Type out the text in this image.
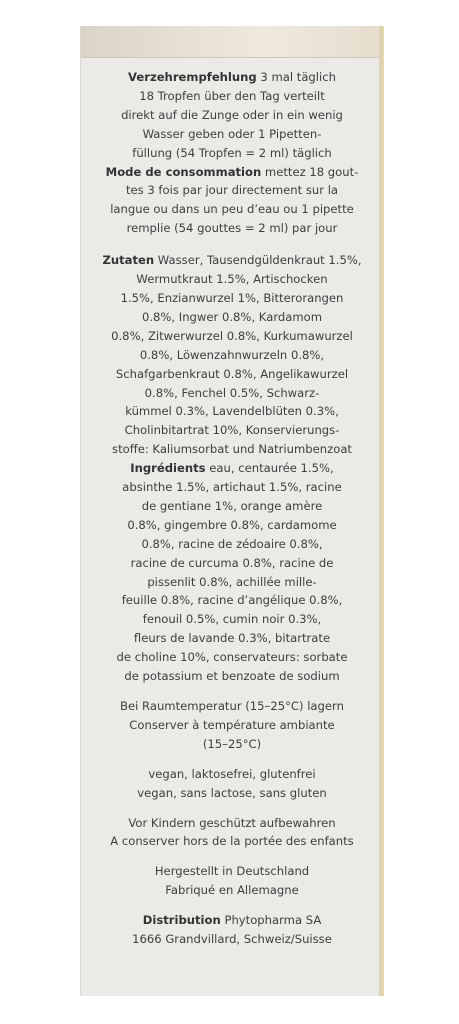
Verzehrempfehlung 3 mal täglich

18 Tropfen über den Tag verteilt

direkt auf die Zunge oder in ein wenig

Wasser geben oder 1 Pipetten-

füllung (54 Tropfen = 2 ml) täglich

Mode de consommation mettez 18 gout-

tes 3 fois par jour directement sur la

langue ou dans un peu d’eau ou 1 pipette

remplie (54 gouttes = 2 ml) par jour

Zutaten Wasser, Tausendgüldenkraut 1.5%,

Wermutkraut 1.5%, Artischocken

1.5%, Enzianwurzel 1%, Bitterorangen

0.8%, Ingwer 0.8%, Kardamom

0.8%, Zitwerwurzel 0.8%, Kurkumawurzel

0.8%, Löwenzahnwurzeln 0.8%,

Schafgarbenkraut 0.8%, Angelikawurzel

0.8%, Fenchel 0.5%, Schwarz-

kümmel 0.3%, Lavendelblüten 0.3%,

Cholinbitartrat 10%, Konservierungs-

stoffe: Kaliumsorbat und Natriumbenzoat

Ingrédients eau, centaurée 1.5%,

absinthe 1.5%, artichaut 1.5%, racine

de gentiane 1%, orange amère

0.8%, gingembre 0.8%, cardamome

0.8%, racine de zédoaire 0.8%,

racine de curcuma 0.8%, racine de

pissenlit 0.8%, achillée mille-

feuille 0.8%, racine d’angélique 0.8%,

fenouil 0.5%, cumin noir 0.3%,

fleurs de lavande 0.3%, bitartrate

de choline 10%, conservateurs: sorbate

de potassium et benzoate de sodium

Bei Raumtemperatur (15–25°C) lagern

Conserver à température ambiante

(15–25°C)

vegan, laktosefrei, glutenfrei

vegan, sans lactose, sans gluten

Vor Kindern geschützt aufbewahren

A conserver hors de la portée des enfants

Hergestellt in Deutschland

Fabriqué en Allemagne

Distribution Phytopharma SA

1666 Grandvillard, Schweiz/Suisse
